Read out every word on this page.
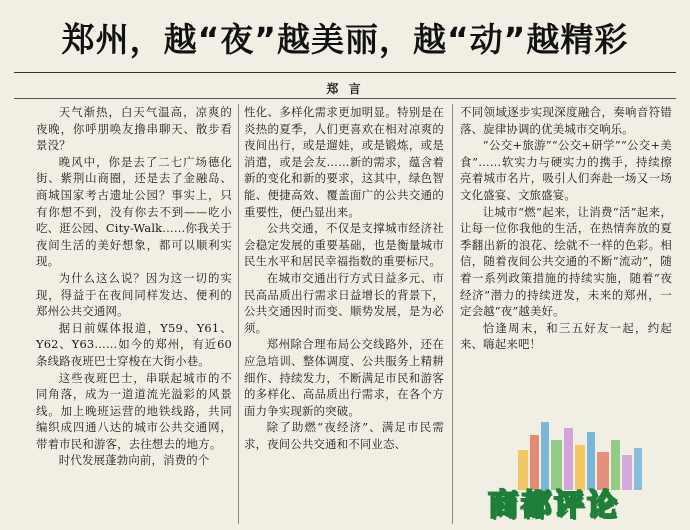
郑州，越“夜”越美丽，越“动”越精彩
郑 言

天气渐热，白天气温高，凉爽的夜晚，你呼朋唤友撸串聊天、散步看景没？

晚风中，你是去了二七广场德化街、紫荆山商圈，还是去了金融岛、商城国家考古遗址公园？事实上，只有你想不到，没有你去不到——吃小吃、逛公园、City-Walk……你我关于夜间生活的美好想象，都可以顺利实现。

为什么这么说？因为这一切的实现，得益于在夜间同样发达、便利的郑州公共交通网。

据日前媒体报道，Y59、Y61、Y62、Y63……如今的郑州，有近60条线路夜班巴士穿梭在大街小巷。

这些夜班巴士，串联起城市的不同角落，成为一道道流光溢彩的风景线。加上晚班运营的地铁线路，共同编织成四通八达的城市公共交通网，带着市民和游客，去往想去的地方。

时代发展蓬勃向前，消费的个

性化、多样化需求更加明显。特别是在炎热的夏季，人们更喜欢在相对凉爽的夜间出行，或是遛娃，或是锻炼，或是消遣，或是会友……新的需求，蕴含着新的变化和新的要求，这其中，绿色智能、便捷高效、覆盖面广的公共交通的重要性，便凸显出来。

公共交通，不仅是支撑城市经济社会稳定发展的重要基础，也是衡量城市民生水平和居民幸福指数的重要标尺。

在城市交通出行方式日益多元、市民高品质出行需求日益增长的背景下，公共交通因时而变、顺势发展，是为必须。

郑州除合理布局公交线路外，还在应急培训、整体调度、公共服务上精耕细作、持续发力，不断满足市民和游客的多样化、高品质出行需求，在各个方面力争实现新的突破。

除了助燃“夜经济”、满足市民需求，夜间公共交通和不同业态、

不同领域逐步实现深度融合，奏响音符错落、旋律协调的优美城市交响乐。

“公交+旅游”“公交+研学”“公交+美食”……软实力与硬实力的携手，持续擦亮着城市名片，吸引人们奔赴一场又一场文化盛宴、文旅盛宴。

让城市“燃”起来，让消费“活”起来，让每一位你我他的生活，在热情奔放的夏季翻出新的浪花、绘就不一样的色彩。相信，随着夜间公共交通的不断“流动”，随着一系列政策措施的持续实施，随着“夜经济”潜力的持续迸发，未来的郑州，一定会越“夜”越美好。

恰逢周末，和三五好友一起，约起来、嗨起来吧！

商都评论
